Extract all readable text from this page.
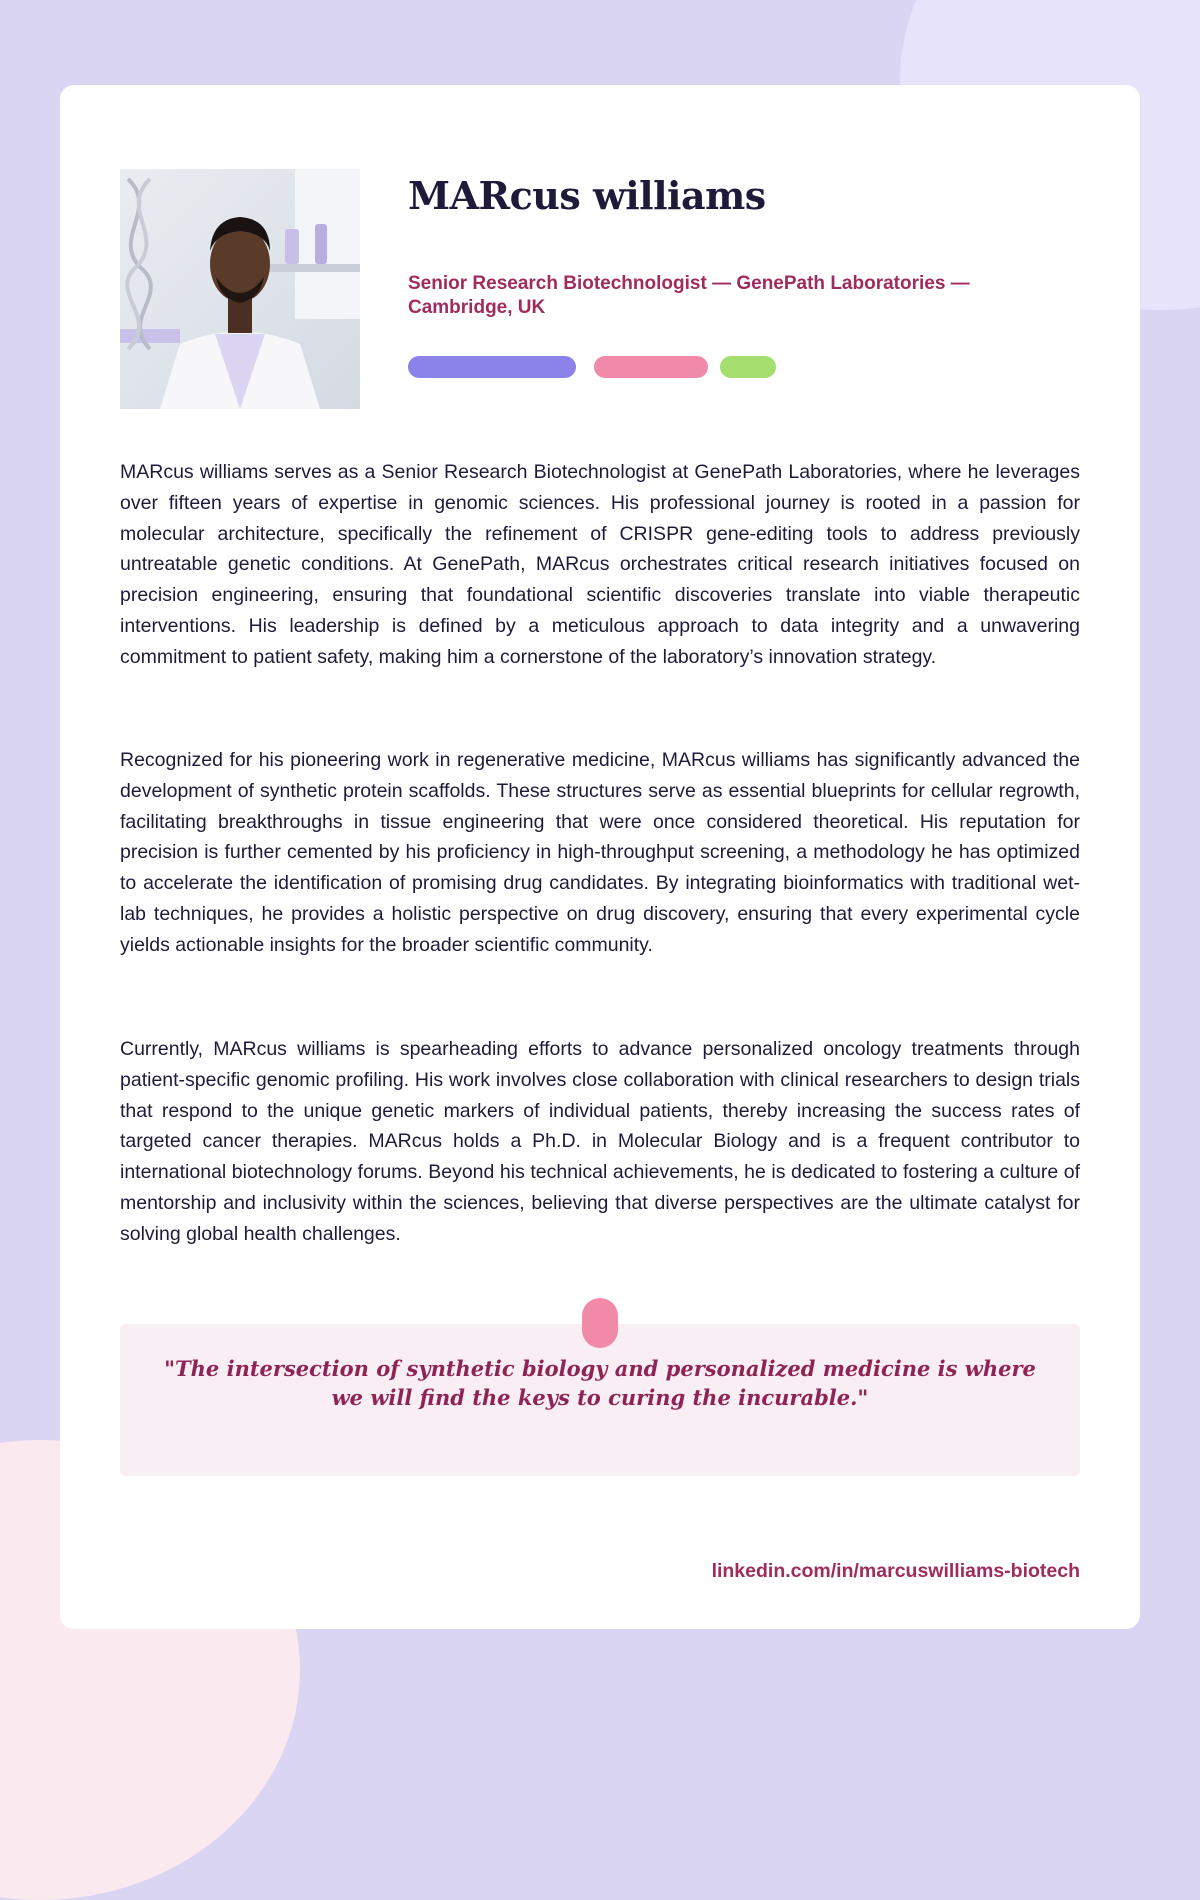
MARcus williams

Senior Research Biotechnologist — GenePath Laboratories — Cambridge, UK

MARcus williams serves as a Senior Research Biotechnologist at GenePath Laboratories, where he leverages over fifteen years of expertise in genomic sciences. His professional journey is rooted in a passion for molecular architecture, specifically the refinement of CRISPR gene-editing tools to address previously untreatable genetic conditions. At GenePath, MARcus orchestrates critical research initiatives focused on precision engineering, ensuring that foundational scientific discoveries translate into viable therapeutic interventions. His leadership is defined by a meticulous approach to data integrity and a unwavering commitment to patient safety, making him a cornerstone of the laboratory’s innovation strategy.

Recognized for his pioneering work in regenerative medicine, MARcus williams has significantly advanced the development of synthetic protein scaffolds. These structures serve as essential blueprints for cellular regrowth, facilitating breakthroughs in tissue engineering that were once considered theoretical. His reputation for precision is further cemented by his proficiency in high-throughput screening, a methodology he has optimized to accelerate the identification of promising drug candidates. By integrating bioinformatics with traditional wet-lab techniques, he provides a holistic perspective on drug discovery, ensuring that every experimental cycle yields actionable insights for the broader scientific community.

Currently, MARcus williams is spearheading efforts to advance personalized oncology treatments through patient-specific genomic profiling. His work involves close collaboration with clinical researchers to design trials that respond to the unique genetic markers of individual patients, thereby increasing the success rates of targeted cancer therapies. MARcus holds a Ph.D. in Molecular Biology and is a frequent contributor to international biotechnology forums. Beyond his technical achievements, he is dedicated to fostering a culture of mentorship and inclusivity within the sciences, believing that diverse perspectives are the ultimate catalyst for solving global health challenges.

"The intersection of synthetic biology and personalized medicine is where we will find the keys to curing the incurable."

linkedin.com/in/marcuswilliams-biotech
